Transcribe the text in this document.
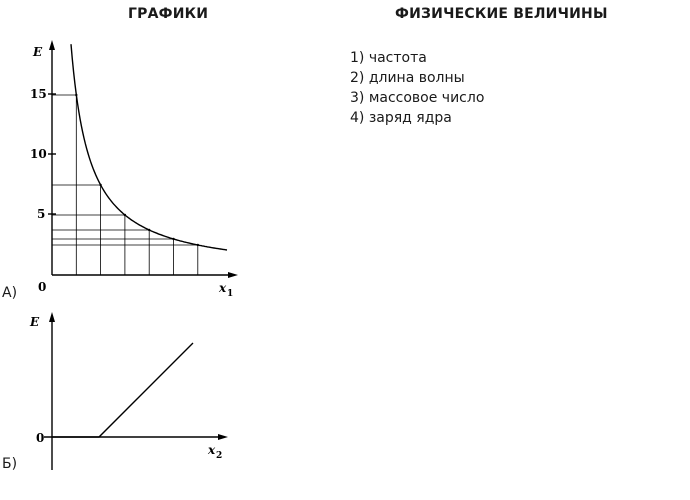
ГРАФИКИ	ФИЗИЧЕСКИЕ ВЕЛИЧИНЫ
1) частота
2) длина волны
3) массовое число
4) заряд ядра
А)
Б)
E
15
10
5
0	x 1
E
0
x 2
